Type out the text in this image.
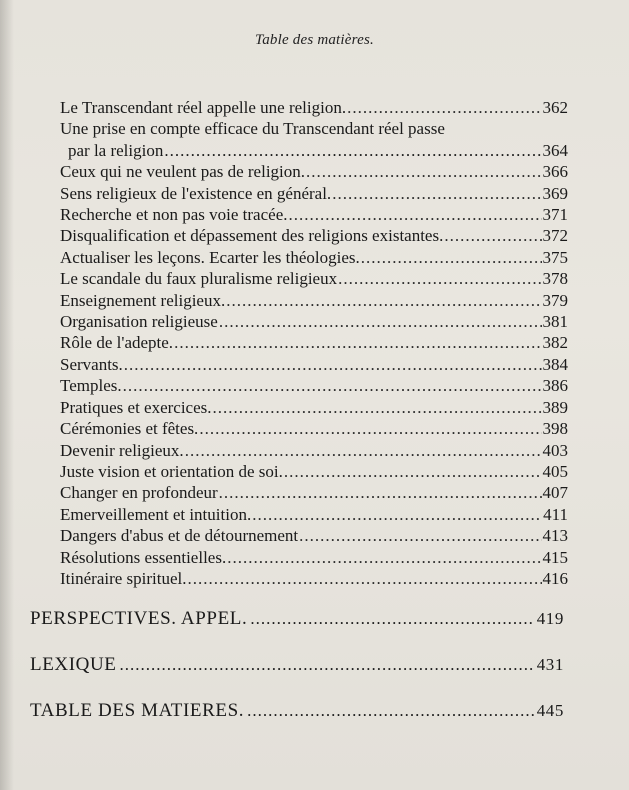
Table des matières.
Le Transcendant réel appelle une religion. .....	362
Une prise en compte efficace du Transcendant réel passe
par la religion .....	364
Ceux qui ne veulent pas de religion. .....	366
Sens religieux de l'existence en général. .....	369
Recherche et non pas voie tracée. .....	371
Disqualification et dépassement des religions existantes. .....	372
Actualiser les leçons. Ecarter les théologies. .....	375
Le scandale du faux pluralisme religieux .....	378
Enseignement religieux. .....	379
Organisation religieuse .....	381
Rôle de l'adepte. .....	382
Servants. .....	384
Temples. .....	386
Pratiques et exercices. .....	389
Cérémonies et fêtes. .....	398
Devenir religieux. .....	403
Juste vision et orientation de soi. .....	405
Changer en profondeur .....	407
Emerveillement et intuition. .....	411
Dangers d'abus et de détournement .....	413
Résolutions essentielles. .....	415
Itinéraire spirituel. .....	416
PERSPECTIVES. APPEL. .....	419
LEXIQUE .....	431
TABLE DES MATIERES. .....	445
